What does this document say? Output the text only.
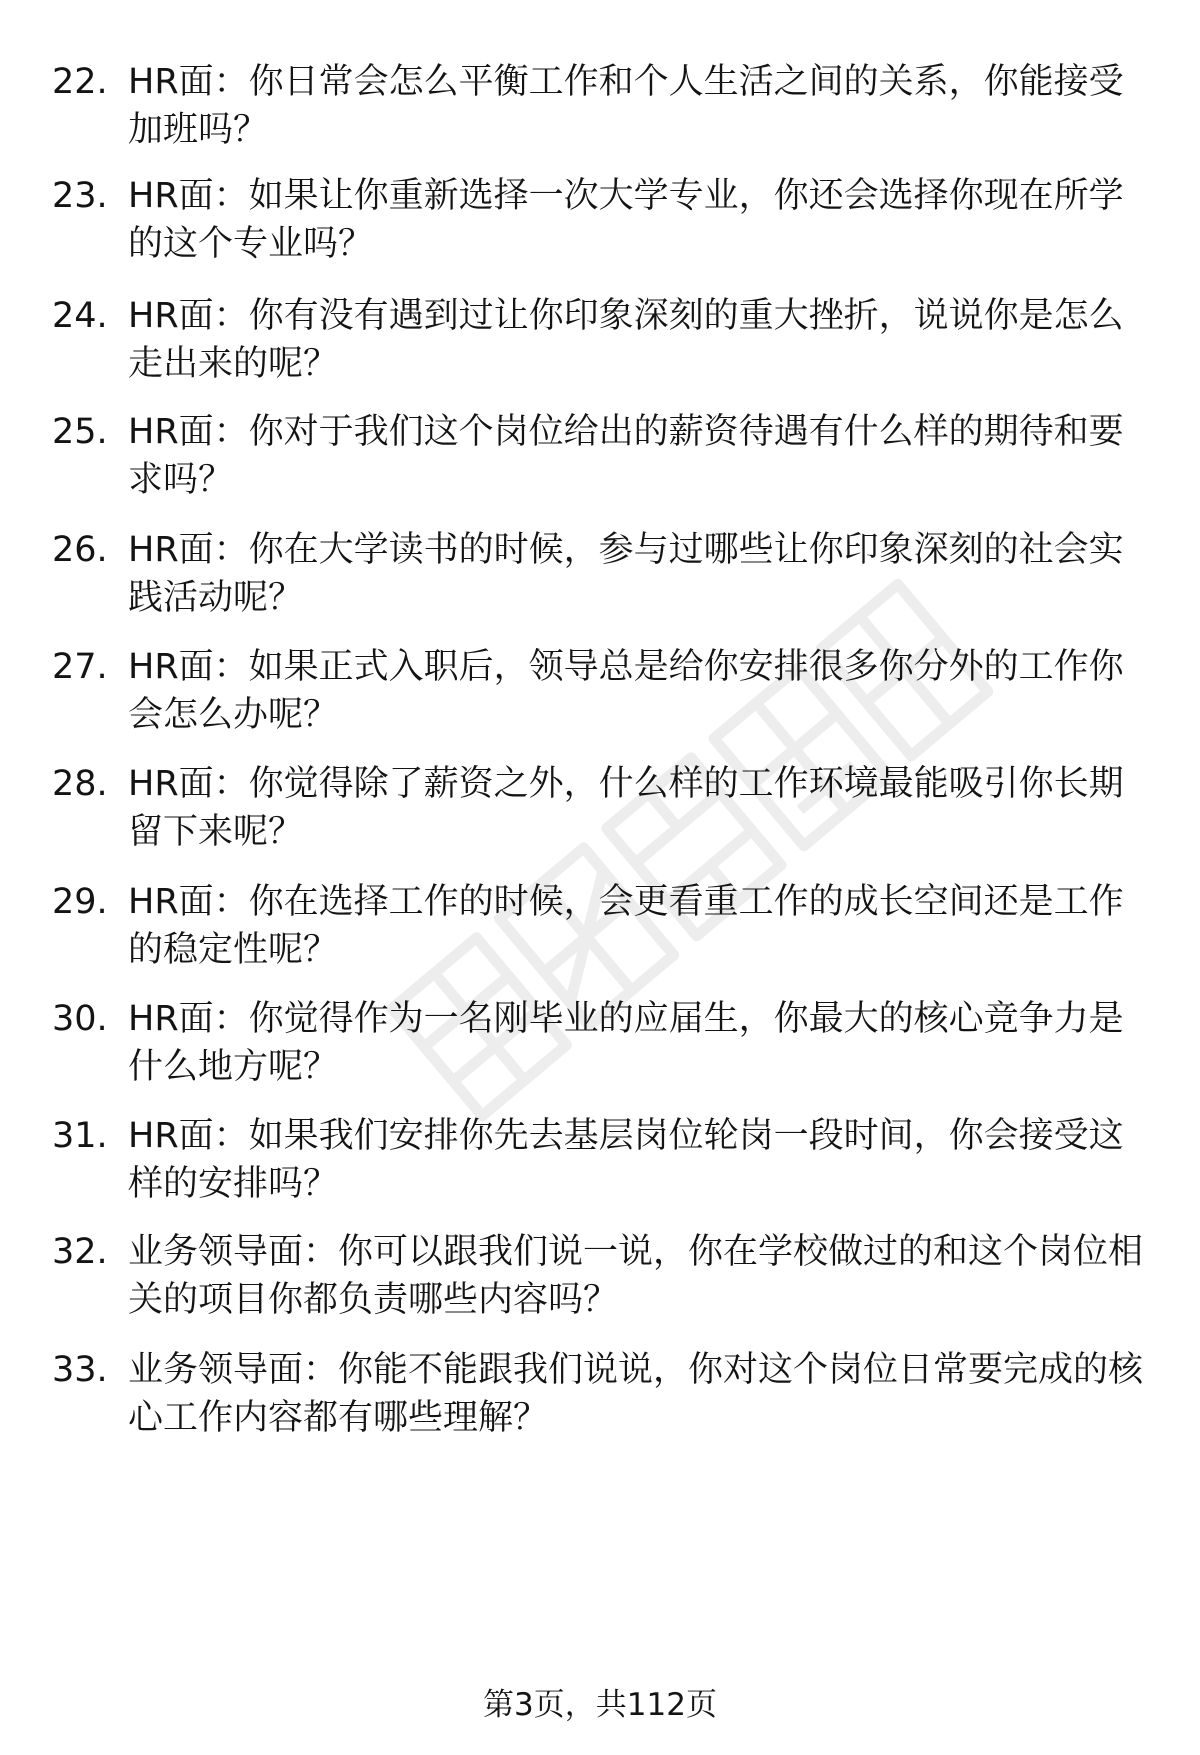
22. HR面：你日常会怎么平衡工作和个人生活之间的关系，你能接受加班吗？
23. HR面：如果让你重新选择一次大学专业，你还会选择你现在所学的这个专业吗？
24. HR面：你有没有遇到过让你印象深刻的重大挫折，说说你是怎么走出来的呢？
25. HR面：你对于我们这个岗位给出的薪资待遇有什么样的期待和要求吗？
26. HR面：你在大学读书的时候，参与过哪些让你印象深刻的社会实践活动呢？
27. HR面：如果正式入职后，领导总是给你安排很多你分外的工作你会怎么办呢？
28. HR面：你觉得除了薪资之外，什么样的工作环境最能吸引你长期留下来呢？
29. HR面：你在选择工作的时候，会更看重工作的成长空间还是工作的稳定性呢？
30. HR面：你觉得作为一名刚毕业的应届生，你最大的核心竞争力是什么地方呢？
31. HR面：如果我们安排你先去基层岗位轮岗一段时间，你会接受这样的安排吗？
32. 业务领导面：你可以跟我们说一说，你在学校做过的和这个岗位相关的项目你都负责哪些内容吗？
33. 业务领导面：你能不能跟我们说说，你对这个岗位日常要完成的核心工作内容都有哪些理解？
第3页，共112页
